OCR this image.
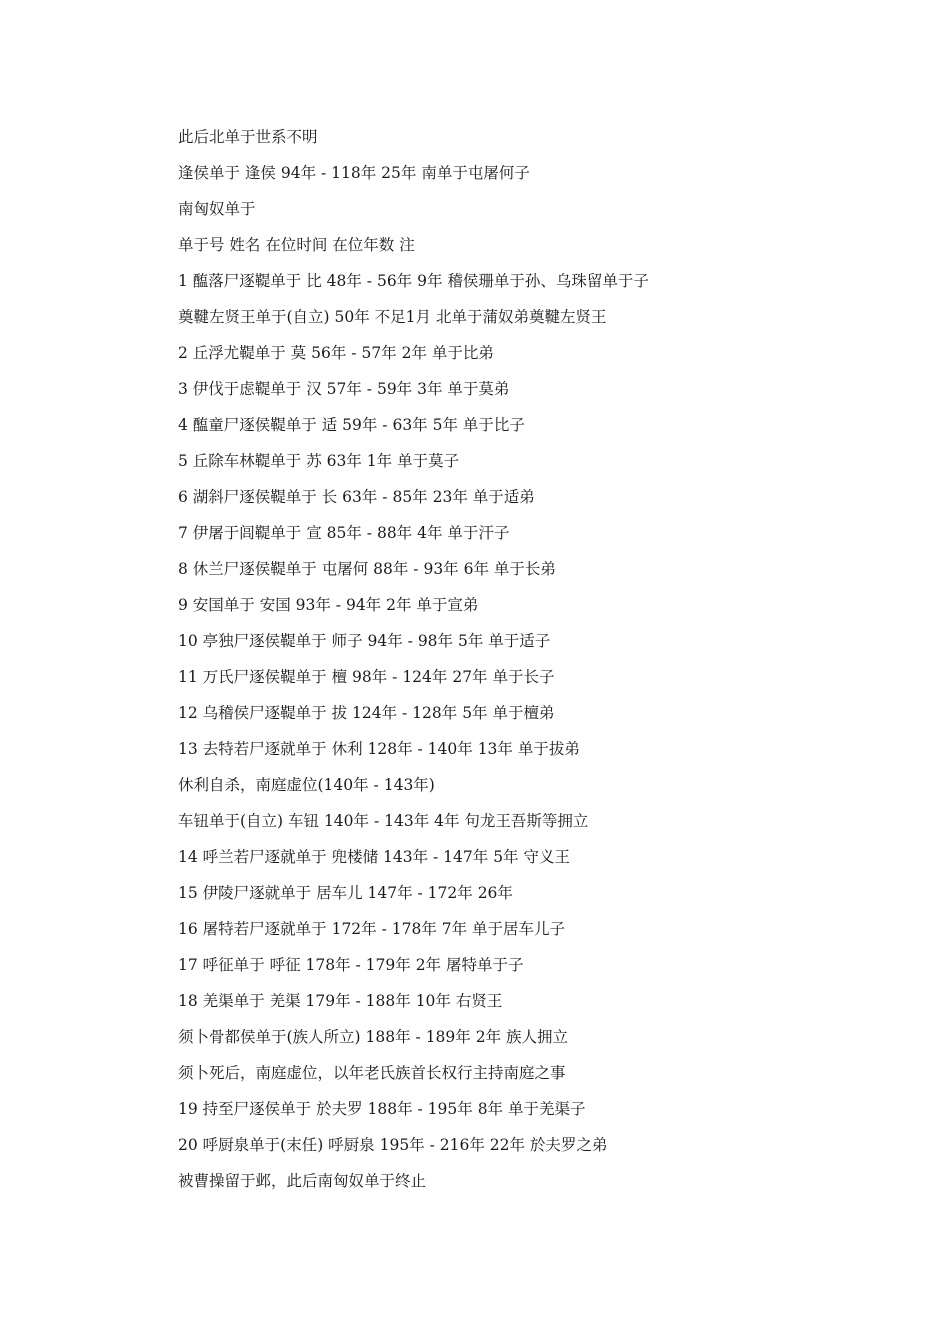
此后北单于世系不明
逢侯单于 逢侯 94年 - 118年 25年 南单于屯屠何子
南匈奴单于
单于号 姓名 在位时间 在位年数 注
1 醢落尸逐鞮单于 比 48年 - 56年 9年 稽侯珊单于孙、乌珠留单于子
奠鞬左贤王单于(自立) 50年 不足1月 北单于蒲奴弟奠鞬左贤王
2 丘浮尤鞮单于 莫 56年 - 57年 2年 单于比弟
3 伊伐于虑鞮单于 汉 57年 - 59年 3年 单于莫弟
4 醢童尸逐侯鞮单于 适 59年 - 63年 5年 单于比子
5 丘除车林鞮单于 苏 63年 1年 单于莫子
6 湖斜尸逐侯鞮单于 长 63年 - 85年 23年 单于适弟
7 伊屠于闾鞮单于 宣 85年 - 88年 4年 单于汗子
8 休兰尸逐侯鞮单于 屯屠何 88年 - 93年 6年 单于长弟
9 安国单于 安国 93年 - 94年 2年 单于宣弟
10 亭独尸逐侯鞮单于 师子 94年 - 98年 5年 单于适子
11 万氏尸逐侯鞮单于 檀 98年 - 124年 27年 单于长子
12 乌稽侯尸逐鞮单于 拔 124年 - 128年 5年 单于檀弟
13 去特若尸逐就单于 休利 128年 - 140年 13年 单于拔弟
休利自杀，南庭虚位(140年 - 143年)
车钮单于(自立) 车钮 140年 - 143年 4年 句龙王吾斯等拥立
14 呼兰若尸逐就单于 兜楼储 143年 - 147年 5年 守义王
15 伊陵尸逐就单于 居车儿 147年 - 172年 26年
16 屠特若尸逐就单于 172年 - 178年 7年 单于居车儿子
17 呼征单于 呼征 178年 - 179年 2年 屠特单于子
18 羌渠单于 羌渠 179年 - 188年 10年 右贤王
须卜骨都侯单于(族人所立) 188年 - 189年 2年 族人拥立
须卜死后，南庭虚位，以年老氏族首长权行主持南庭之事
19 持至尸逐侯单于 於夫罗 188年 - 195年 8年 单于羌渠子
20 呼厨泉单于(末任) 呼厨泉 195年 - 216年 22年 於夫罗之弟
被曹操留于邺，此后南匈奴单于终止
